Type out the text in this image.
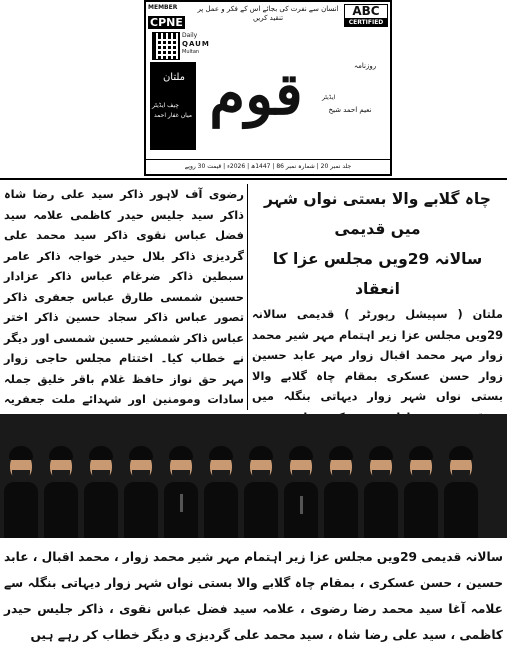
MEMBER
CPNE
انسان سے نفرت کی بجائے اس کے فکر و عمل پر تنقید کریں	ABC
CERTIFIED
Daily
QAUM
Multan
ملتان
چیف ایڈیٹر
میاں غفار احمد
روزنامہ
قوم	ایڈیٹر
نعیم احمد شیخ
جلد نمبر 20 | شمارہ نمبر 86 | 1447ھ | 2026ء | قیمت 30 روپے
چاہ گلابے والا بستی نواں شہر میں قدیمی
سالانہ 29ویں مجلس عزا کا انعقاد
ملتان ( سپیشل رپورٹر ) قدیمی سالانہ 29ویں مجلس عزا زیر اہتمام مہر شیر محمد زوار مہر محمد اقبال زوار مہر عابد حسین زوار حسن عسکری بمقام چاہ گلابے والا بستی نواں شہر زوار دیہاتی بنگلہ میں
رضوی آف لاہور ذاکر سید علی رضا شاہ ذاکر سید جلیس حیدر کاظمی علامہ سید فضل عباس نقوی ذاکر سید محمد علی گردیزی ذاکر بلال حیدر خواجہ ذاکر عامر سبطین ذاکر ضرغام عباس ذاکر عزادار حسین شمسی طارق عباس جعفری ذاکر تصور عباس ذاکر سجاد حسین ذاکر اختر عباس ذاکر شمشیر حسین شمسی اور دیگر نے خطاب کیا۔ اختتام مجلس حاجی زوار مہر حق نواز حافظ غلام باقر خلیق جملہ سادات ومومنین اور شہدائے ملت جعفریہ
سالانہ قدیمی 29ویں مجلس عزا زیر اہتمام مہر شیر محمد زوار ، محمد اقبال ، عابد حسین ، حسن عسکری ، بمقام چاہ گلابے والا بستی نواں شہر زوار دیہاتی بنگلہ سے علامہ آغا سید محمد رضا رضوی ، علامہ سید فضل عباس نقوی ، ذاکر جلیس حیدر کاظمی ، سید علی رضا شاہ ، سید محمد علی گردیزی و دیگر خطاب کر رہے ہیں
